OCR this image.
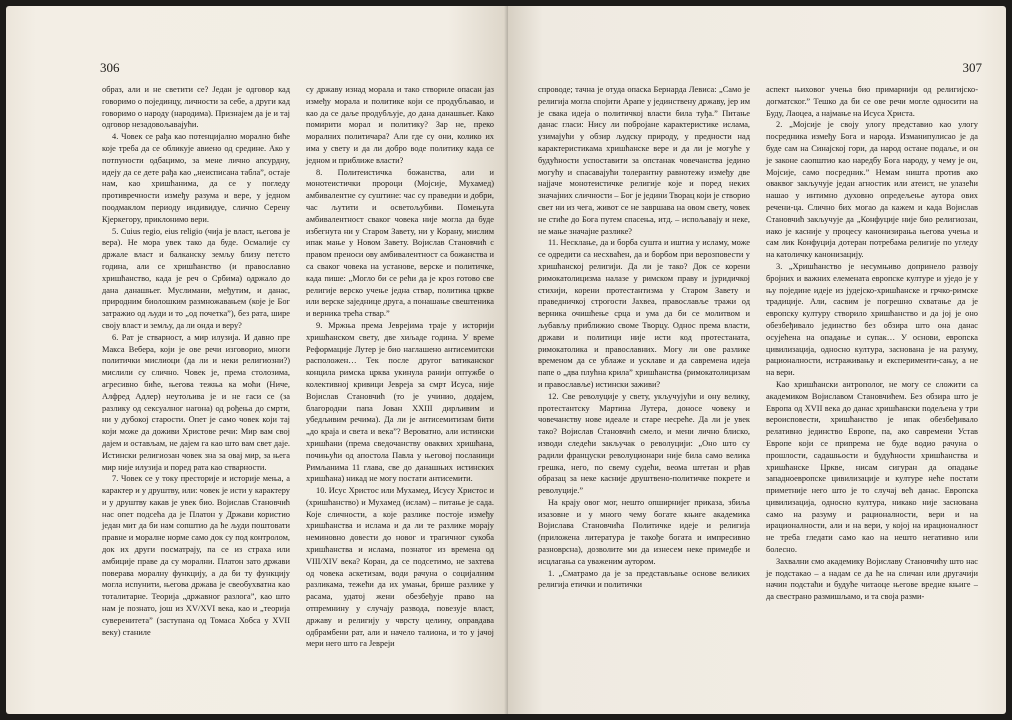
306

образ, али и не светити се? Један је одговор кад говоримо о појединцу, личности за себе, а други кад говоримо о народу (народима). Признајем да је и тај одговор незадовољавајући.

4. Човек се рађа као потенцијално морално биће које треба да се обликује авиено од средине. Ако у потпуности одбацимо, за мене лично апсурдну, идеју да се дете рађа као „неисписана табла”, остаје нам, као хришћанима, да се у погледу противречности између разума и вере, у једном поодмаклом периоду индивидуе, слично Серену Кјеркегору, приклонимо вери.

5. Cuius regio, eius religio (чија је власт, његова је вера). Не мора увек тако да буде. Осмалије су држале власт и балканску земљу близу петсто година, али се хришћанство (и православно хришћанство, када је реч о Србима) одржало до дана данашњег. Муслимани, међутим, и данас, природним биолошким размножавањем (које је Бог затражио од људи и то „од почетка”), без рата, шире своју власт и земљу, да ли онда и веру?

6. Рат је стварност, а мир илузија. И давно пре Макса Вебера, који је ове речи изговорио, многи политички мислиоци (да ли и неки религиозни?) мислили су слично. Човек је, према столозима, агресивно биће, његова тежња ка моћи (Ниче, Алфред Адлер) неутољива је и не гаси се (за разлику од сексуалног нагона) од рођења до смрти, ни у дубокој старости. Опет је само човек који тај који може да доживи Христове речи: Мир вам свој дајем и остављам, не дајем га као што вам свет даје. Истински религиозан човек зна за овај мир, за њега мир није илузија и поред рата као стварности.

7. Човек се у току престорије и историје мења, а карактер и у друштву, или: човек је исти у карактеру и у друштву какав је увек био. Војислав Становчић нас опет подсећа да је Платон у Држави користио један мит да би нам сопштио да ће људи поштовати правне и моралне норме само док су под контролом, док их други посматрају, па се из страха или амбиције праве да су морални. Платон зато држави поверава моралну функцију, а да би ту функцију могла испунити, његова држава је свеобухватна као тоталитарне. Теорија „државног разлога”, као што нам је познато, још из XV/XVI века, као и „теорија суверенитета” (заступана од Томаса Хобса у XVII веку) станиле

су државу изнад морала и тако створиле опасан јаз између морала и политике који се продубљавао, и као да се даље продубљује, до дана данашњег. Како помирити морал и политику? Зар не, преко моралних политичара? Али где су они, колико их има у свету и да ли добро воде политику када се једном и приближе власти?

8. Политеистичка божанства, али и монотеистички пророци (Мојсије, Мухамед) амбивалентне су суштине: час су праведни и добри, час љутити и осветољубиви. Помењута амбивалентност сваког човека није могла да буде избегнута ни у Старом Завету, ни у Корану, мислим ипак мање у Новом Завету. Војислав Становчић с правом преноси ову амбивалентност са божанства и са сваког човека на установе, верске и политичке, када пише: „Могло би се рећи да је кроз готово све религије верско учење једна ствар, политика цркве или верске заједнице друга, а понашање свештеника и верника трећа ствар.”

9. Мржња према Јеврејима траје у историји хришћанском свету, две хиљаде година. У време Реформације Лутер је био наглашено антисемитски расположен… Тек после другог ватиканског концила римска црква укинула ранији оптужбе о колективној кривици Јевреја за смрт Исуса, није Војислав Становчић (то је учинио, додајем, благородни папа Јован XXIII дирљивим и убедљивим речима). Да ли је антисемитизам бити „до краја и света и века”? Вероватно, али истински хришћани (према сведочанству оваквих хришћана, почињући од апостола Павла у његовој посланици Римљанима 11 главa, све до данашњих истинских хришћана) никад не могу постати антисемити.

10. Исус Христос или Мухамед, Исусу Христос и (хришћанство) и Мухамед (ислам) – питање је сада. Које сличности, а које разлике постоје између хришћанства и ислама и да ли те разлике морају неминовно довести до новог и трагичног сукоба хришћанства и ислама, познатог из времена од VIII/XIV века? Коран, да се подсетимо, не захтева од човека аскетизам, води рачуна о социјалним разликама, тежећи да их умањи, брише разлике у расама, удатој жени обезбеђује право на отпремнину у случају развода, повезује власт, државу и религију у чврсту целину, оправдава одбрамбени рат, али и начело талиона, и то у јачој мери него што га Јевреји

307

спроводе; тачна је отуда опаска Бернарда Левиса: „Само је религија могла спојити Арапе у јединствену државу, јер им је свака идеја о политичкој власти била туђа.” Питање данас гласи: Нису ли побројане карактеристике ислама, узимајући у обзир људску природу, у предности над карактеристикама хришћанске вере и да ли је могуће у будућности успоставити за опстанак човечанства једино могућу и спасавајући толерантну равнотежу између две најјаче монотеистичке религије које и поред неких значајних сличности – Бог је једини Творац који је створио свет ни из чега, живот се не завршава на овом свету, човек не стиће до Бога путем спасења, итд. – испољавају и неке, не мање значајне разлике?

11. Несклање, да и борба сушта и иштиа у исламу, може се одредити са несхваћен, да и борбом при верозповести у хришћанској религији. Да ли је тако? Док се корени римокатолицизма налазе у римском праву и јуридичкој стихији, корени протестантизма у Старом Завету и праведничкој строгости Јахвеа, православље тражи од верника очишћење срца и ума да би се молитвом и љубављу приближио своме Творцу. Однос према власти, држави и политици није исти код протестаната, римокатолика и православних. Могу ли ове разлике временом да се ублаже и усклаве и да савремена идеја папе о „два плућна крила” хришћанства (римокатолицизам и православље) истински заживи?

12. Све револуције у свету, укључујући и ону велику, протестантску Мартина Лутера, доносе човеку и човечанству нове идеале и старе несреће. Да ли је увек тако? Војислав Становчић смело, и мени лично блиско, изводи следећи закључак о револуцији: „Оно што су радили француски револуционари није била само велика грешка, него, по свему судећи, веома штетан и рђав образац за неке касније друштвено-политичке покрете и револуције.”

На крају овог мог, нешто опширнијег приказа, збиља изазовне и у много чему богате књиге академика Војислава Становчића Политичке идеје и религија (приложена литература је такође богата и импресивно разноврсна), дозволите ми да изнесем неке примедбе и исцлагања са уваженим аутором.

1. „Сматрамо да је за представљање основе великих религија етички и политички

аспект њиховог учења био примарнији од религијско-догматског.” Тешко да би се ове речи могле односити на Буду, Лаоцеа, а најмање на Исуса Христа.

2. „Мојсије је своју улогу представио као улогу посредника између Бога и народа. Изманипулисао је да буде сам на Синајској гори, да народ остане подаље, и он је законе саопштио као наредбу Бога народу, у чему је он, Мојсије, само посредник.” Немам ништа против ако оваквог закључује један агностик или атеист, не улазећи нашао у интимно духовно опредељење аутора ових речени-ца. Слично бих могао да кажем и када Војислав Становчић закључује да „Конфуције није био религиозан, иако је касније у процесу канонизирања његова учења и сам лик Конфуција дотеран потребама религије по угледу на католичку канонизацију.

3. „Хришћанство је несумњиво допринело развоју бројних и важних елемената европске културе и уједо је у њу поједине идеје из јудејско-хришћанске и грчко-римске традиције. Али, сасвим је погрешно схватање да је европску културу створило хришћанство и да јој је оно обезбеђивало јединство без обзира што она данас осујећена на опадање и супак… У основи, европска цивилизација, односно култура, заснована је на разуму, рационалности, истраживању и експерименти-сању, а не на вери.

Као хришћански антрополог, не могу се сложити са академиком Војиславом Становчићем. Без обзира што је Европа од XVII века до данас хришћански подељена у три вероисповести, хришћанство је ипак обезбеђивало релативно јединство Европе, па, ако савремени Устав Европе који се припрема не буде водио рачуна о прошлости, садашњости и будућности хришћанства и хришћанске Цркве, нисам сигуран да опадање западноевропске цивилизације и културе неће постати приметније него што је то случај већ данас. Европска цивилизација, односно култура, никако није заснована само на разуму и рационалности, вери и на ирационалности, али и на вери, у којој на ирационалност не треба гледати само као на нешто негативно или болесно.

Захвални смо академику Војиславу Становчићу што нас је подстакао – а надам се да ће на сличан или другачији начин подстаћи и будуће читаоце његове вредне књиге – да свестрано размишљамо, и та своја разми-
